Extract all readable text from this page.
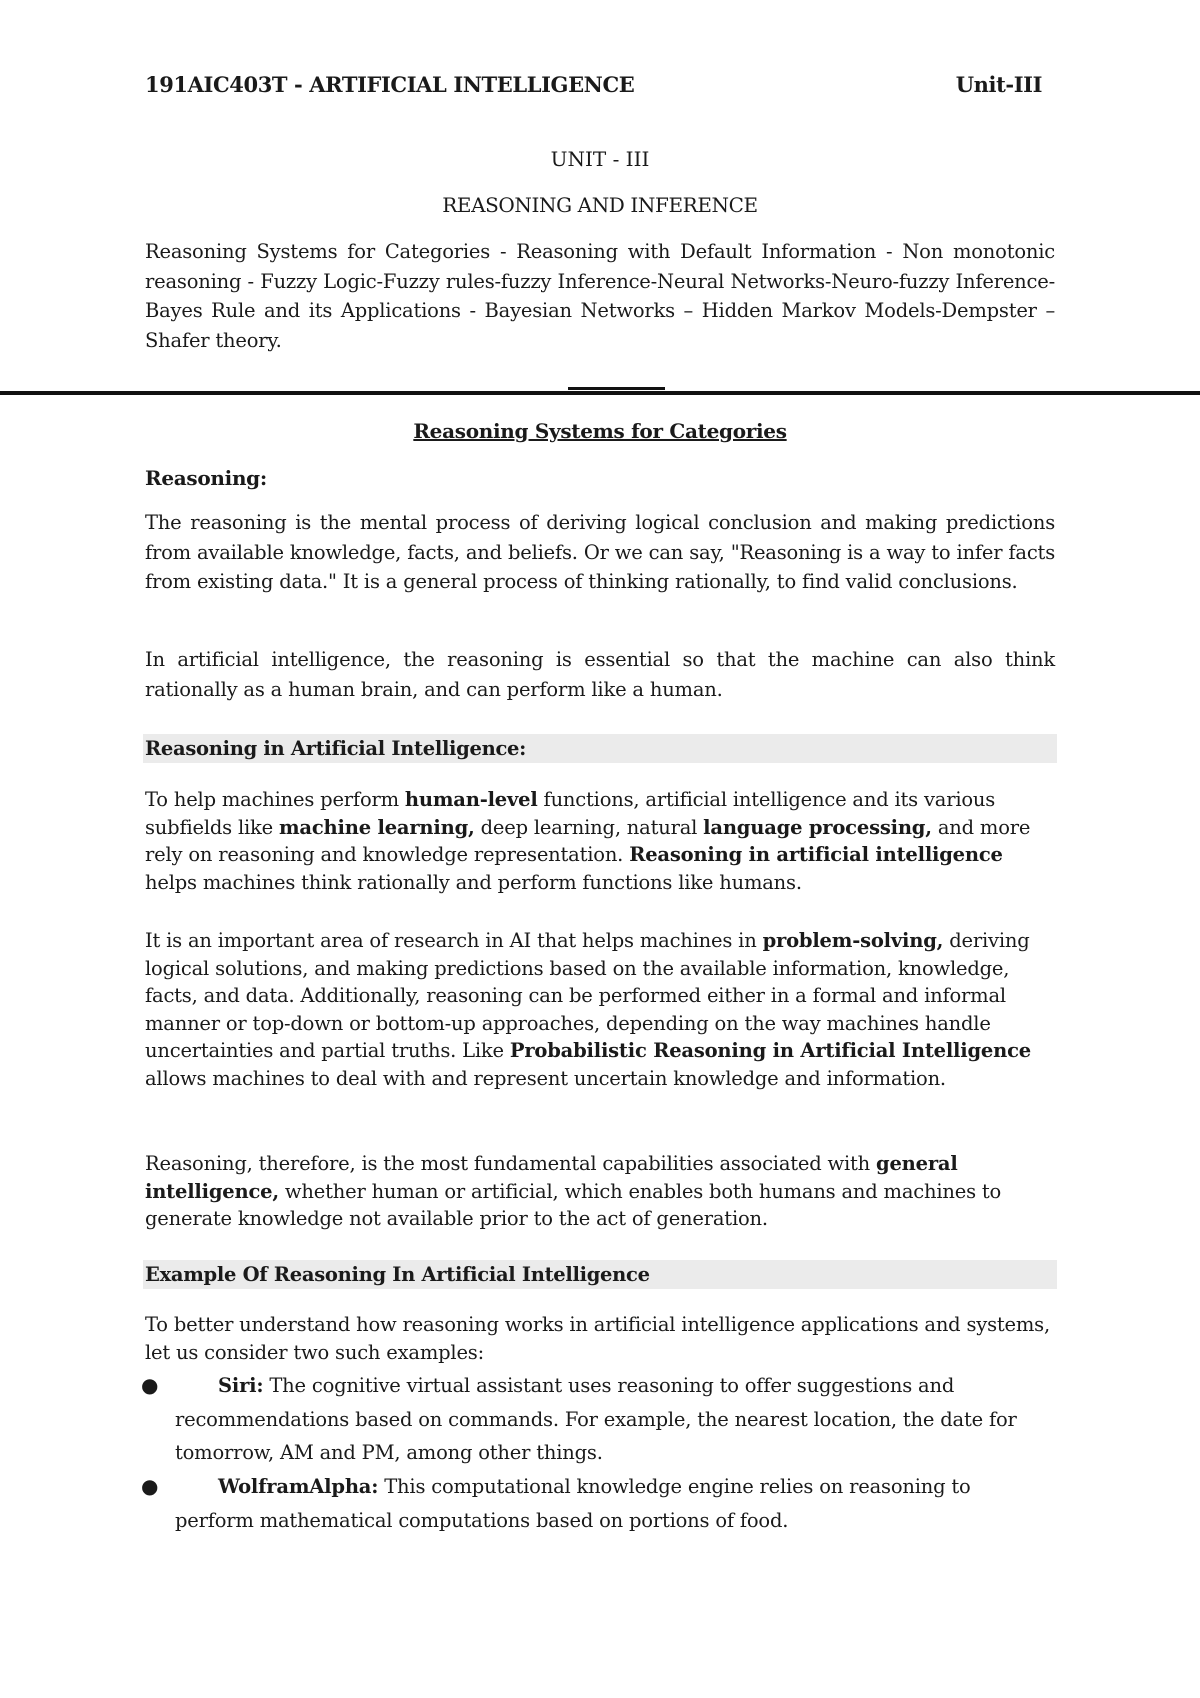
191AIC403T - ARTIFICIAL INTELLIGENCE	Unit-III
UNIT - III
REASONING AND INFERENCE
Reasoning Systems for Categories - Reasoning with Default Information - Non monotonic reasoning - Fuzzy Logic-Fuzzy rules-fuzzy Inference-Neural Networks-Neuro-fuzzy Inference- Bayes Rule and its Applications - Bayesian Networks – Hidden Markov Models-Dempster – Shafer theory.
Reasoning Systems for Categories
Reasoning:
The reasoning is the mental process of deriving logical conclusion and making predictions from available knowledge, facts, and beliefs. Or we can say, "Reasoning is a way to infer facts from existing data." It is a general process of thinking rationally, to find valid conclusions.
In artificial intelligence, the reasoning is essential so that the machine can also think rationally as a human brain, and can perform like a human.
Reasoning in Artificial Intelligence:
To help machines perform human-level functions, artificial intelligence and its various subfields like machine learning, deep learning, natural language processing, and more rely on reasoning and knowledge representation. Reasoning in artificial intelligence helps machines think rationally and perform functions like humans.
It is an important area of research in AI that helps machines in problem-solving, deriving logical solutions, and making predictions based on the available information, knowledge, facts, and data. Additionally, reasoning can be performed either in a formal and informal manner or top-down or bottom-up approaches, depending on the way machines handle uncertainties and partial truths. Like Probabilistic Reasoning in Artificial Intelligence allows machines to deal with and represent uncertain knowledge and information.
Reasoning, therefore, is the most fundamental capabilities associated with general intelligence, whether human or artificial, which enables both humans and machines to generate knowledge not available prior to the act of generation.
Example Of Reasoning In Artificial Intelligence
To better understand how reasoning works in artificial intelligence applications and systems, let us consider two such examples:
●	Siri: The cognitive virtual assistant uses reasoning to offer suggestions and recommendations based on commands. For example, the nearest location, the date for tomorrow, AM and PM, among other things.
●	WolframAlpha: This computational knowledge engine relies on reasoning to perform mathematical computations based on portions of food.
